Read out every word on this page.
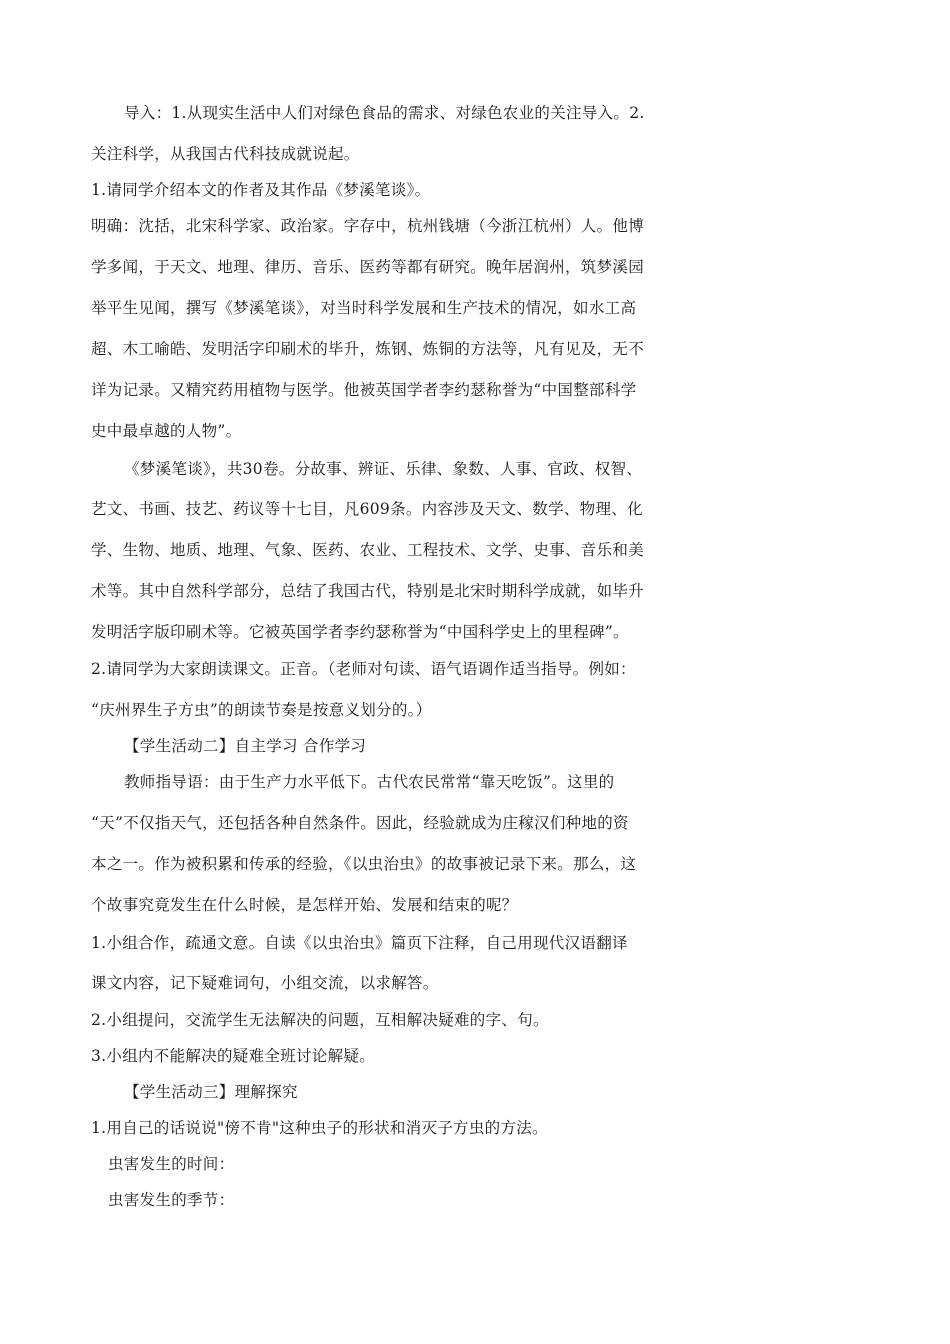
导入：1.从现实生活中人们对绿色食品的需求、对绿色农业的关注导入。2.
关注科学，从我国古代科技成就说起。
1.请同学介绍本文的作者及其作品《梦溪笔谈》。
明确：沈括，北宋科学家、政治家。字存中，杭州钱塘（今浙江杭州）人。他博
学多闻，于天文、地理、律历、音乐、医药等都有研究。晚年居润州，筑梦溪园
举平生见闻，撰写《梦溪笔谈》，对当时科学发展和生产技术的情况，如水工高
超、木工喻皓、发明活字印刷术的毕升，炼钢、炼铜的方法等，凡有见及，无不
详为记录。又精究药用植物与医学。他被英国学者李约瑟称誉为“中国整部科学
史中最卓越的人物”。
《梦溪笔谈》，共30卷。分故事、辨证、乐律、象数、人事、官政、权智、
艺文、书画、技艺、药议等十七目，凡609条。内容涉及天文、数学、物理、化
学、生物、地质、地理、气象、医药、农业、工程技术、文学、史事、音乐和美
术等。其中自然科学部分，总结了我国古代，特别是北宋时期科学成就，如毕升
发明活字版印刷术等。它被英国学者李约瑟称誉为“中国科学史上的里程碑”。
2.请同学为大家朗读课文。正音。（老师对句读、语气语调作适当指导。例如：
“庆州界生子方虫”的朗读节奏是按意义划分的。）
【学生活动二】自主学习 合作学习
教师指导语：由于生产力水平低下。古代农民常常“靠天吃饭”。这里的
“天”不仅指天气，还包括各种自然条件。因此，经验就成为庄稼汉们种地的资
本之一。作为被积累和传承的经验，《以虫治虫》的故事被记录下来。那么，这
个故事究竟发生在什么时候，是怎样开始、发展和结束的呢？
1.小组合作，疏通文意。自读《以虫治虫》篇页下注释，自己用现代汉语翻译
课文内容，记下疑难词句，小组交流，以求解答。
2.小组提问，交流学生无法解决的问题，互相解决疑难的字、句。
3.小组内不能解决的疑难全班讨论解疑。
【学生活动三】理解探究
1.用自己的话说说"傍不肯"这种虫子的形状和消灭子方虫的方法。
虫害发生的时间：
虫害发生的季节：
